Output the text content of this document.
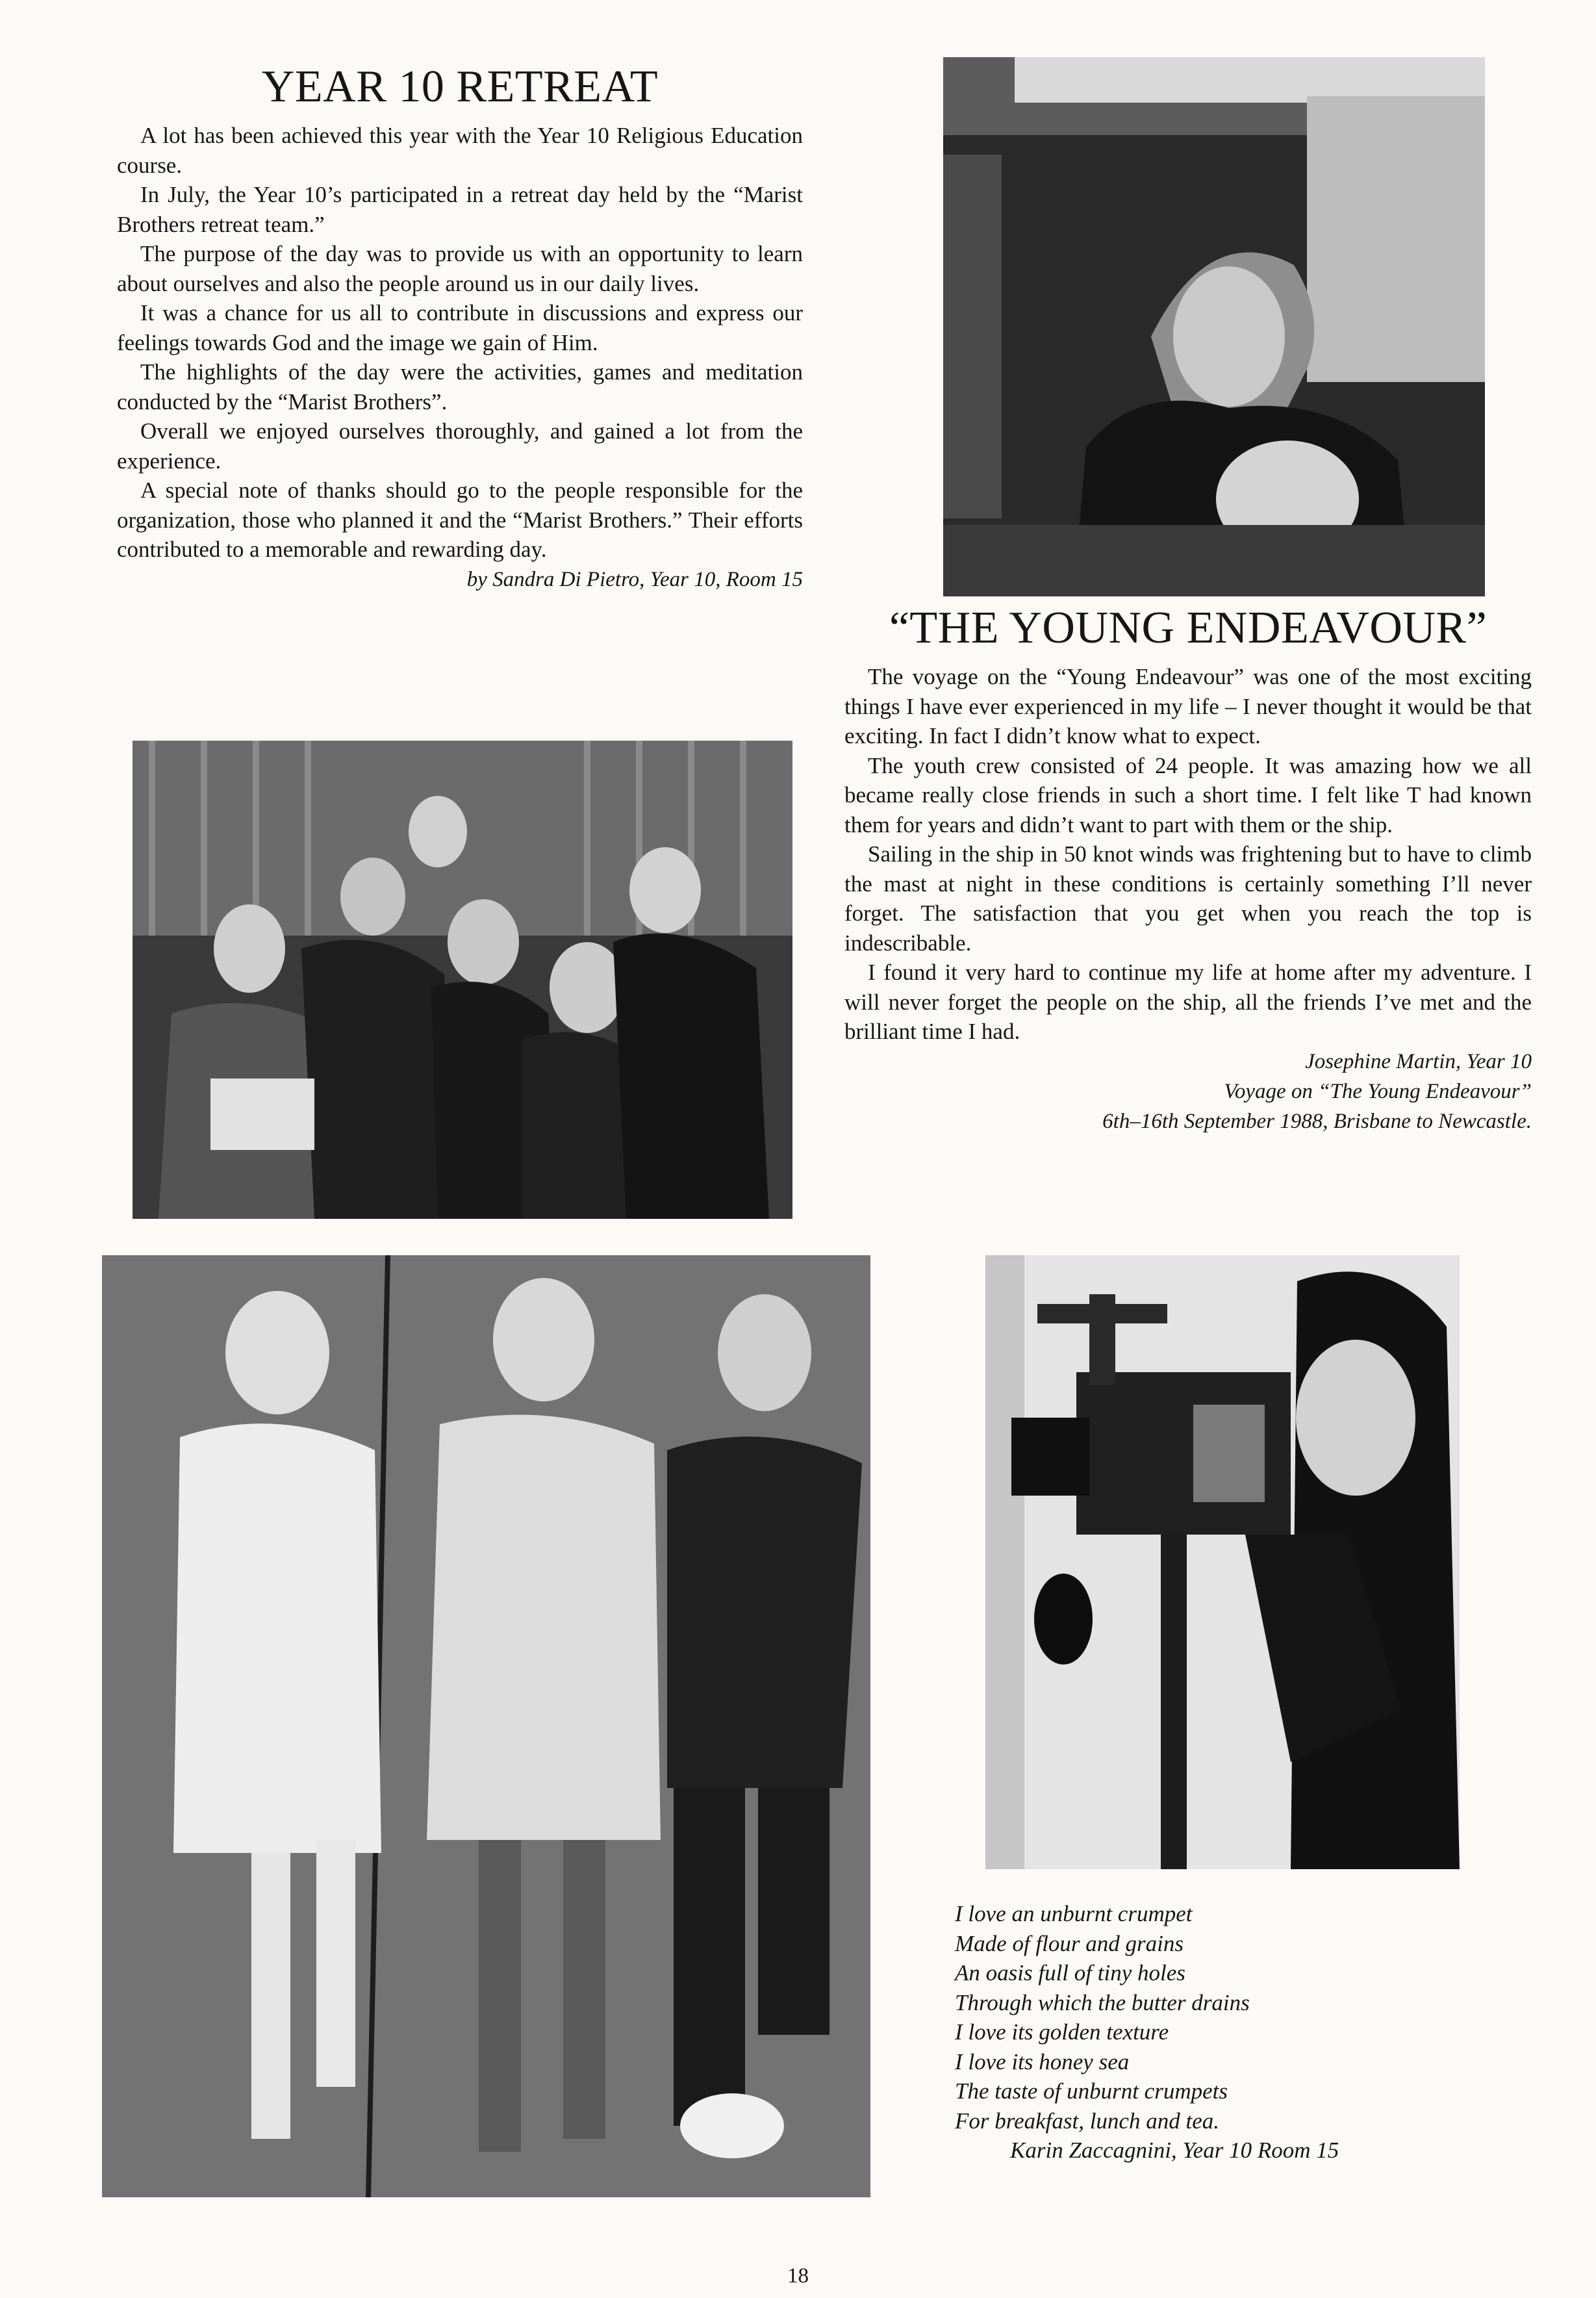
YEAR 10 RETREAT

A lot has been achieved this year with the Year 10 Religious Education course.

In July, the Year 10’s participated in a retreat day held by the “Marist Brothers retreat team.”

The purpose of the day was to provide us with an opportunity to learn about ourselves and also the people around us in our daily lives.

It was a chance for us all to contribute in discussions and express our feelings towards God and the image we gain of Him.

The highlights of the day were the activities, games and meditation conducted by the “Marist Brothers”.

Overall we enjoyed ourselves thoroughly, and gained a lot from the experience.

A special note of thanks should go to the people responsible for the organization, those who planned it and the “Marist Brothers.” Their efforts contributed to a memorable and rewarding day.

by Sandra Di Pietro, Year 10, Room 15

“THE YOUNG ENDEAVOUR”

The voyage on the “Young Endeavour” was one of the most exciting things I have ever experienced in my life – I never thought it would be that exciting. In fact I didn’t know what to expect.

The youth crew consisted of 24 people. It was amazing how we all became really close friends in such a short time. I felt like T had known them for years and didn’t want to part with them or the ship.

Sailing in the ship in 50 knot winds was frightening but to have to climb the mast at night in these conditions is certainly something I’ll never forget. The satisfaction that you get when you reach the top is indescribable.

I found it very hard to continue my life at home after my adventure. I will never forget the people on the ship, all the friends I’ve met and the brilliant time I had.

Josephine Martin, Year 10

Voyage on “The Young Endeavour”

6th–16th September 1988, Brisbane to Newcastle.

I love an unburnt crumpet
Made of flour and grains
An oasis full of tiny holes
Through which the butter drains
I love its golden texture
I love its honey sea
The taste of unburnt crumpets
For breakfast, lunch and tea.
Karin Zaccagnini, Year 10 Room 15
18
